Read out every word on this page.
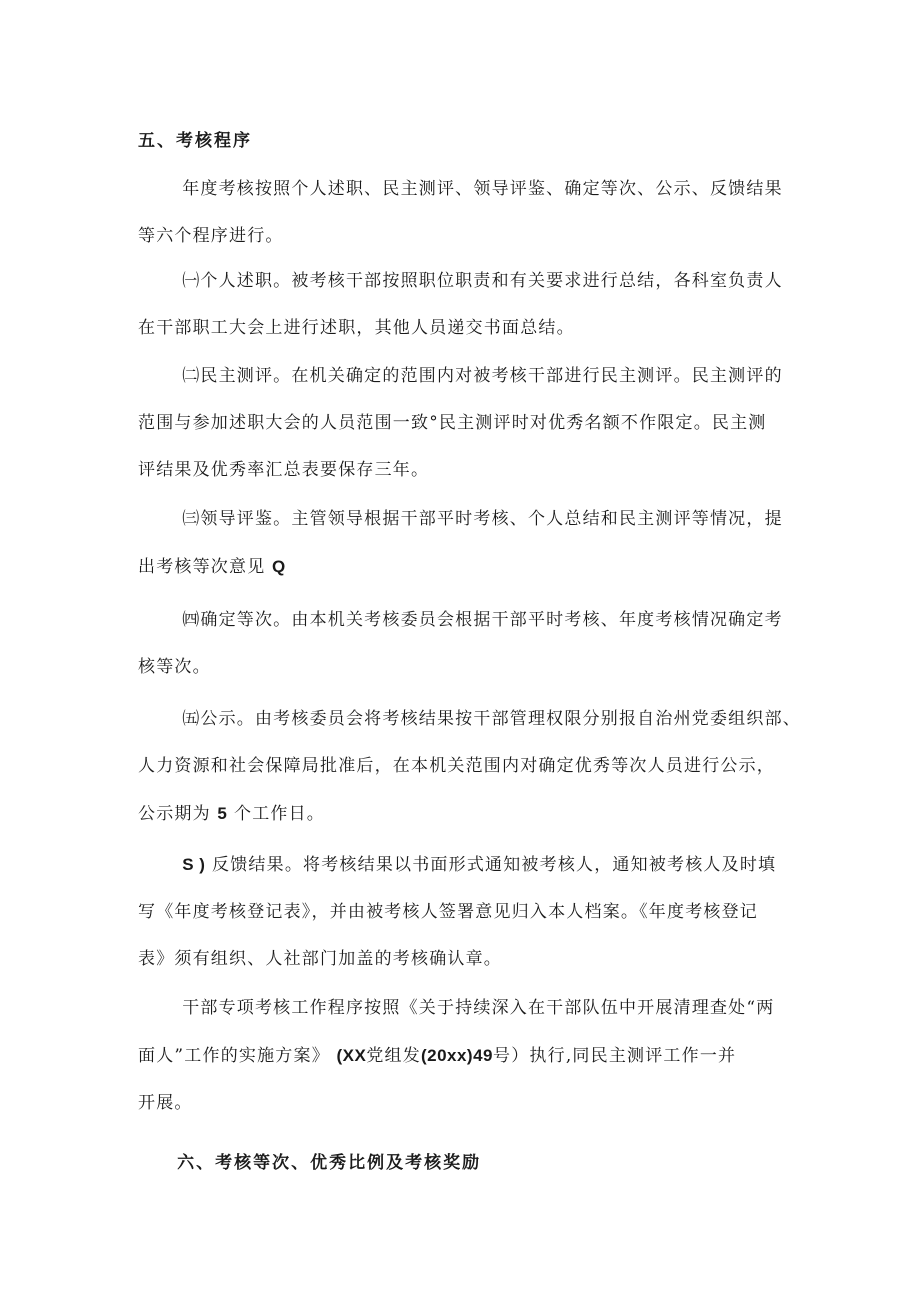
五、考核程序

年度考核按照个人述职、民主测评、领导评鉴、确定等次、公示、反馈结果
等六个程序进行。

㈠个人述职。被考核干部按照职位职责和有关要求进行总结，各科室负责人
在干部职工大会上进行述职，其他人员递交书面总结。

㈡民主测评。在机关确定的范围内对被考核干部进行民主测评。民主测评的
范围与参加述职大会的人员范围一致°民主测评时对优秀名额不作限定。民主测
评结果及优秀率汇总表要保存三年。

㈢领导评鉴。主管领导根据干部平时考核、个人总结和民主测评等情况，提
出考核等次意见 Q

㈣确定等次。由本机关考核委员会根据干部平时考核、年度考核情况确定考
核等次。

㈤公示。由考核委员会将考核结果按干部管理权限分别报自治州党委组织部、
人力资源和社会保障局批准后，在本机关范围内对确定优秀等次人员进行公示，
公示期为 5 个工作日。

S ) 反馈结果。将考核结果以书面形式通知被考核人，通知被考核人及时填
写《年度考核登记表》，并由被考核人签署意见归入本人档案。《年度考核登记
表》须有组织、人社部门加盖的考核确认章。

干部专项考核工作程序按照《关于持续深入在干部队伍中开展清理查处“两
面人”工作的实施方案》 (XX党组发(20xx)49号）执行,同民主测评工作一并
开展。

六、考核等次、优秀比例及考核奖励
